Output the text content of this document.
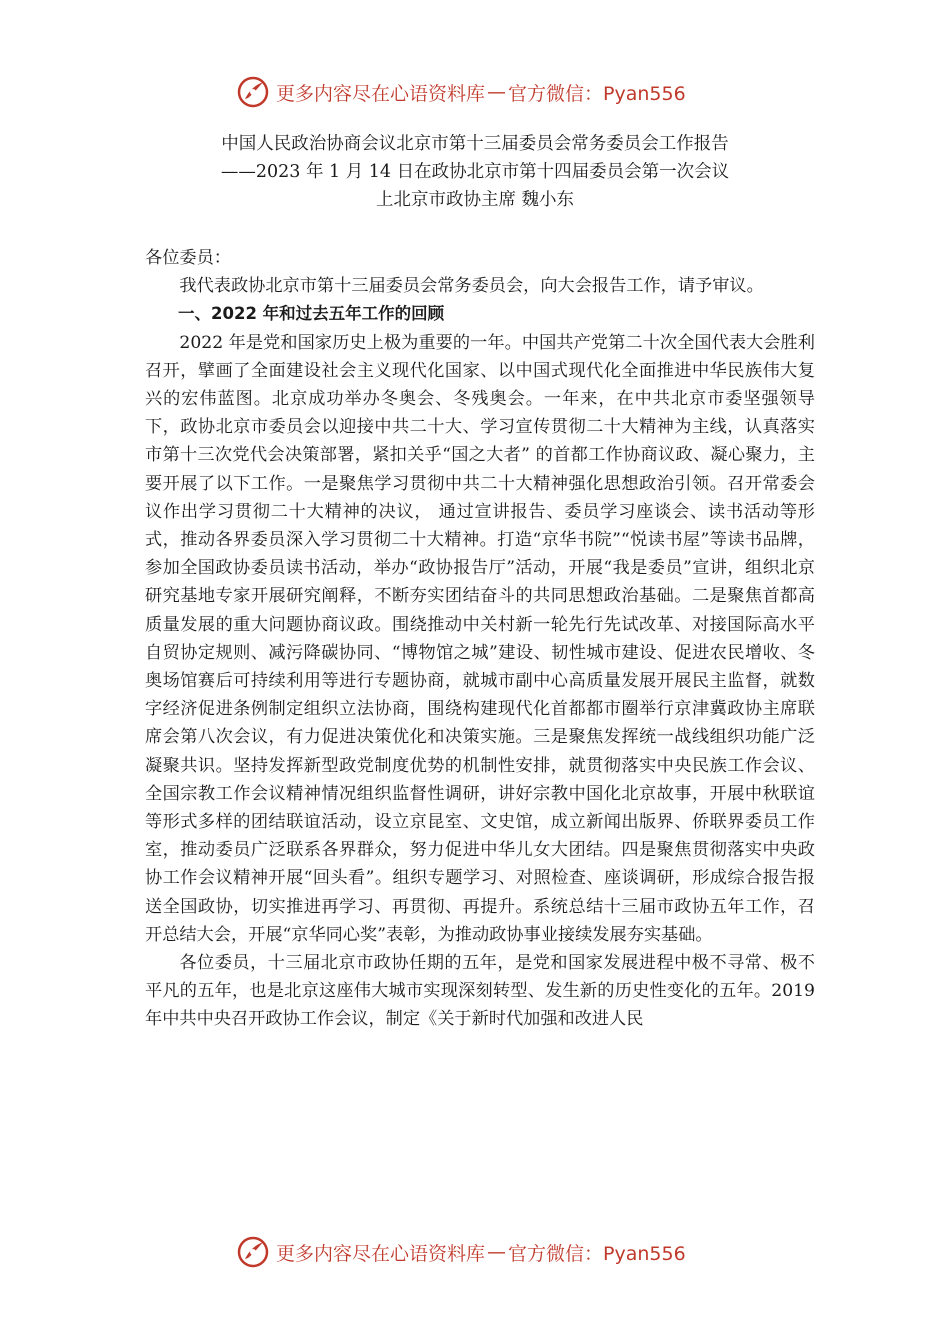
更多内容尽在心语资料库 — 官方微信：Pyan556
中国人民政治协商会议北京市第十三届委员会常务委员会工作报告
——2023 年 1 月 14 日在政协北京市第十四届委员会第一次会议
上北京市政协主席 魏小东

各位委员：

我代表政协北京市第十三届委员会常务委员会，向大会报告工作，请予审议。

一、2022 年和过去五年工作的回顾

2022 年是党和国家历史上极为重要的一年。中国共产党第二十次全国代表大会胜利召开，擘画了全面建设社会主义现代化国家、以中国式现代化全面推进中华民族伟大复兴的宏伟蓝图。北京成功举办冬奥会、冬残奥会。一年来，在中共北京市委坚强领导下，政协北京市委员会以迎接中共二十大、学习宣传贯彻二十大精神为主线，认真落实市第十三次党代会决策部署，紧扣关乎“国之大者” 的首都工作协商议政、凝心聚力，主要开展了以下工作。一是聚焦学习贯彻中共二十大精神强化思想政治引领。召开常委会议作出学习贯彻二十大精神的决议， 通过宣讲报告、委员学习座谈会、读书活动等形式，推动各界委员深入学习贯彻二十大精神。打造“京华书院”“悦读书屋”等读书品牌，参加全国政协委员读书活动，举办“政协报告厅”活动，开展“我是委员”宣讲，组织北京研究基地专家开展研究阐释，不断夯实团结奋斗的共同思想政治基础。二是聚焦首都高质量发展的重大问题协商议政。围绕推动中关村新一轮先行先试改革、对接国际高水平自贸协定规则、减污降碳协同、“博物馆之城”建设、韧性城市建设、促进农民增收、冬奥场馆赛后可持续利用等进行专题协商，就城市副中心高质量发展开展民主监督，就数字经济促进条例制定组织立法协商，围绕构建现代化首都都市圈举行京津冀政协主席联席会第八次会议，有力促进决策优化和决策实施。三是聚焦发挥统一战线组织功能广泛凝聚共识。坚持发挥新型政党制度优势的机制性安排，就贯彻落实中央民族工作会议、全国宗教工作会议精神情况组织监督性调研，讲好宗教中国化北京故事，开展中秋联谊等形式多样的团结联谊活动，设立京昆室、文史馆，成立新闻出版界、侨联界委员工作室，推动委员广泛联系各界群众，努力促进中华儿女大团结。四是聚焦贯彻落实中央政协工作会议精神开展“回头看”。组织专题学习、对照检查、座谈调研，形成综合报告报送全国政协，切实推进再学习、再贯彻、再提升。系统总结十三届市政协五年工作，召开总结大会，开展“京华同心奖”表彰，为推动政协事业接续发展夯实基础。

各位委员，十三届北京市政协任期的五年，是党和国家发展进程中极不寻常、极不平凡的五年，也是北京这座伟大城市实现深刻转型、发生新的历史性变化的五年。2019 年中共中央召开政协工作会议，制定《关于新时代加强和改进人民

更多内容尽在心语资料库 — 官方微信：Pyan556
